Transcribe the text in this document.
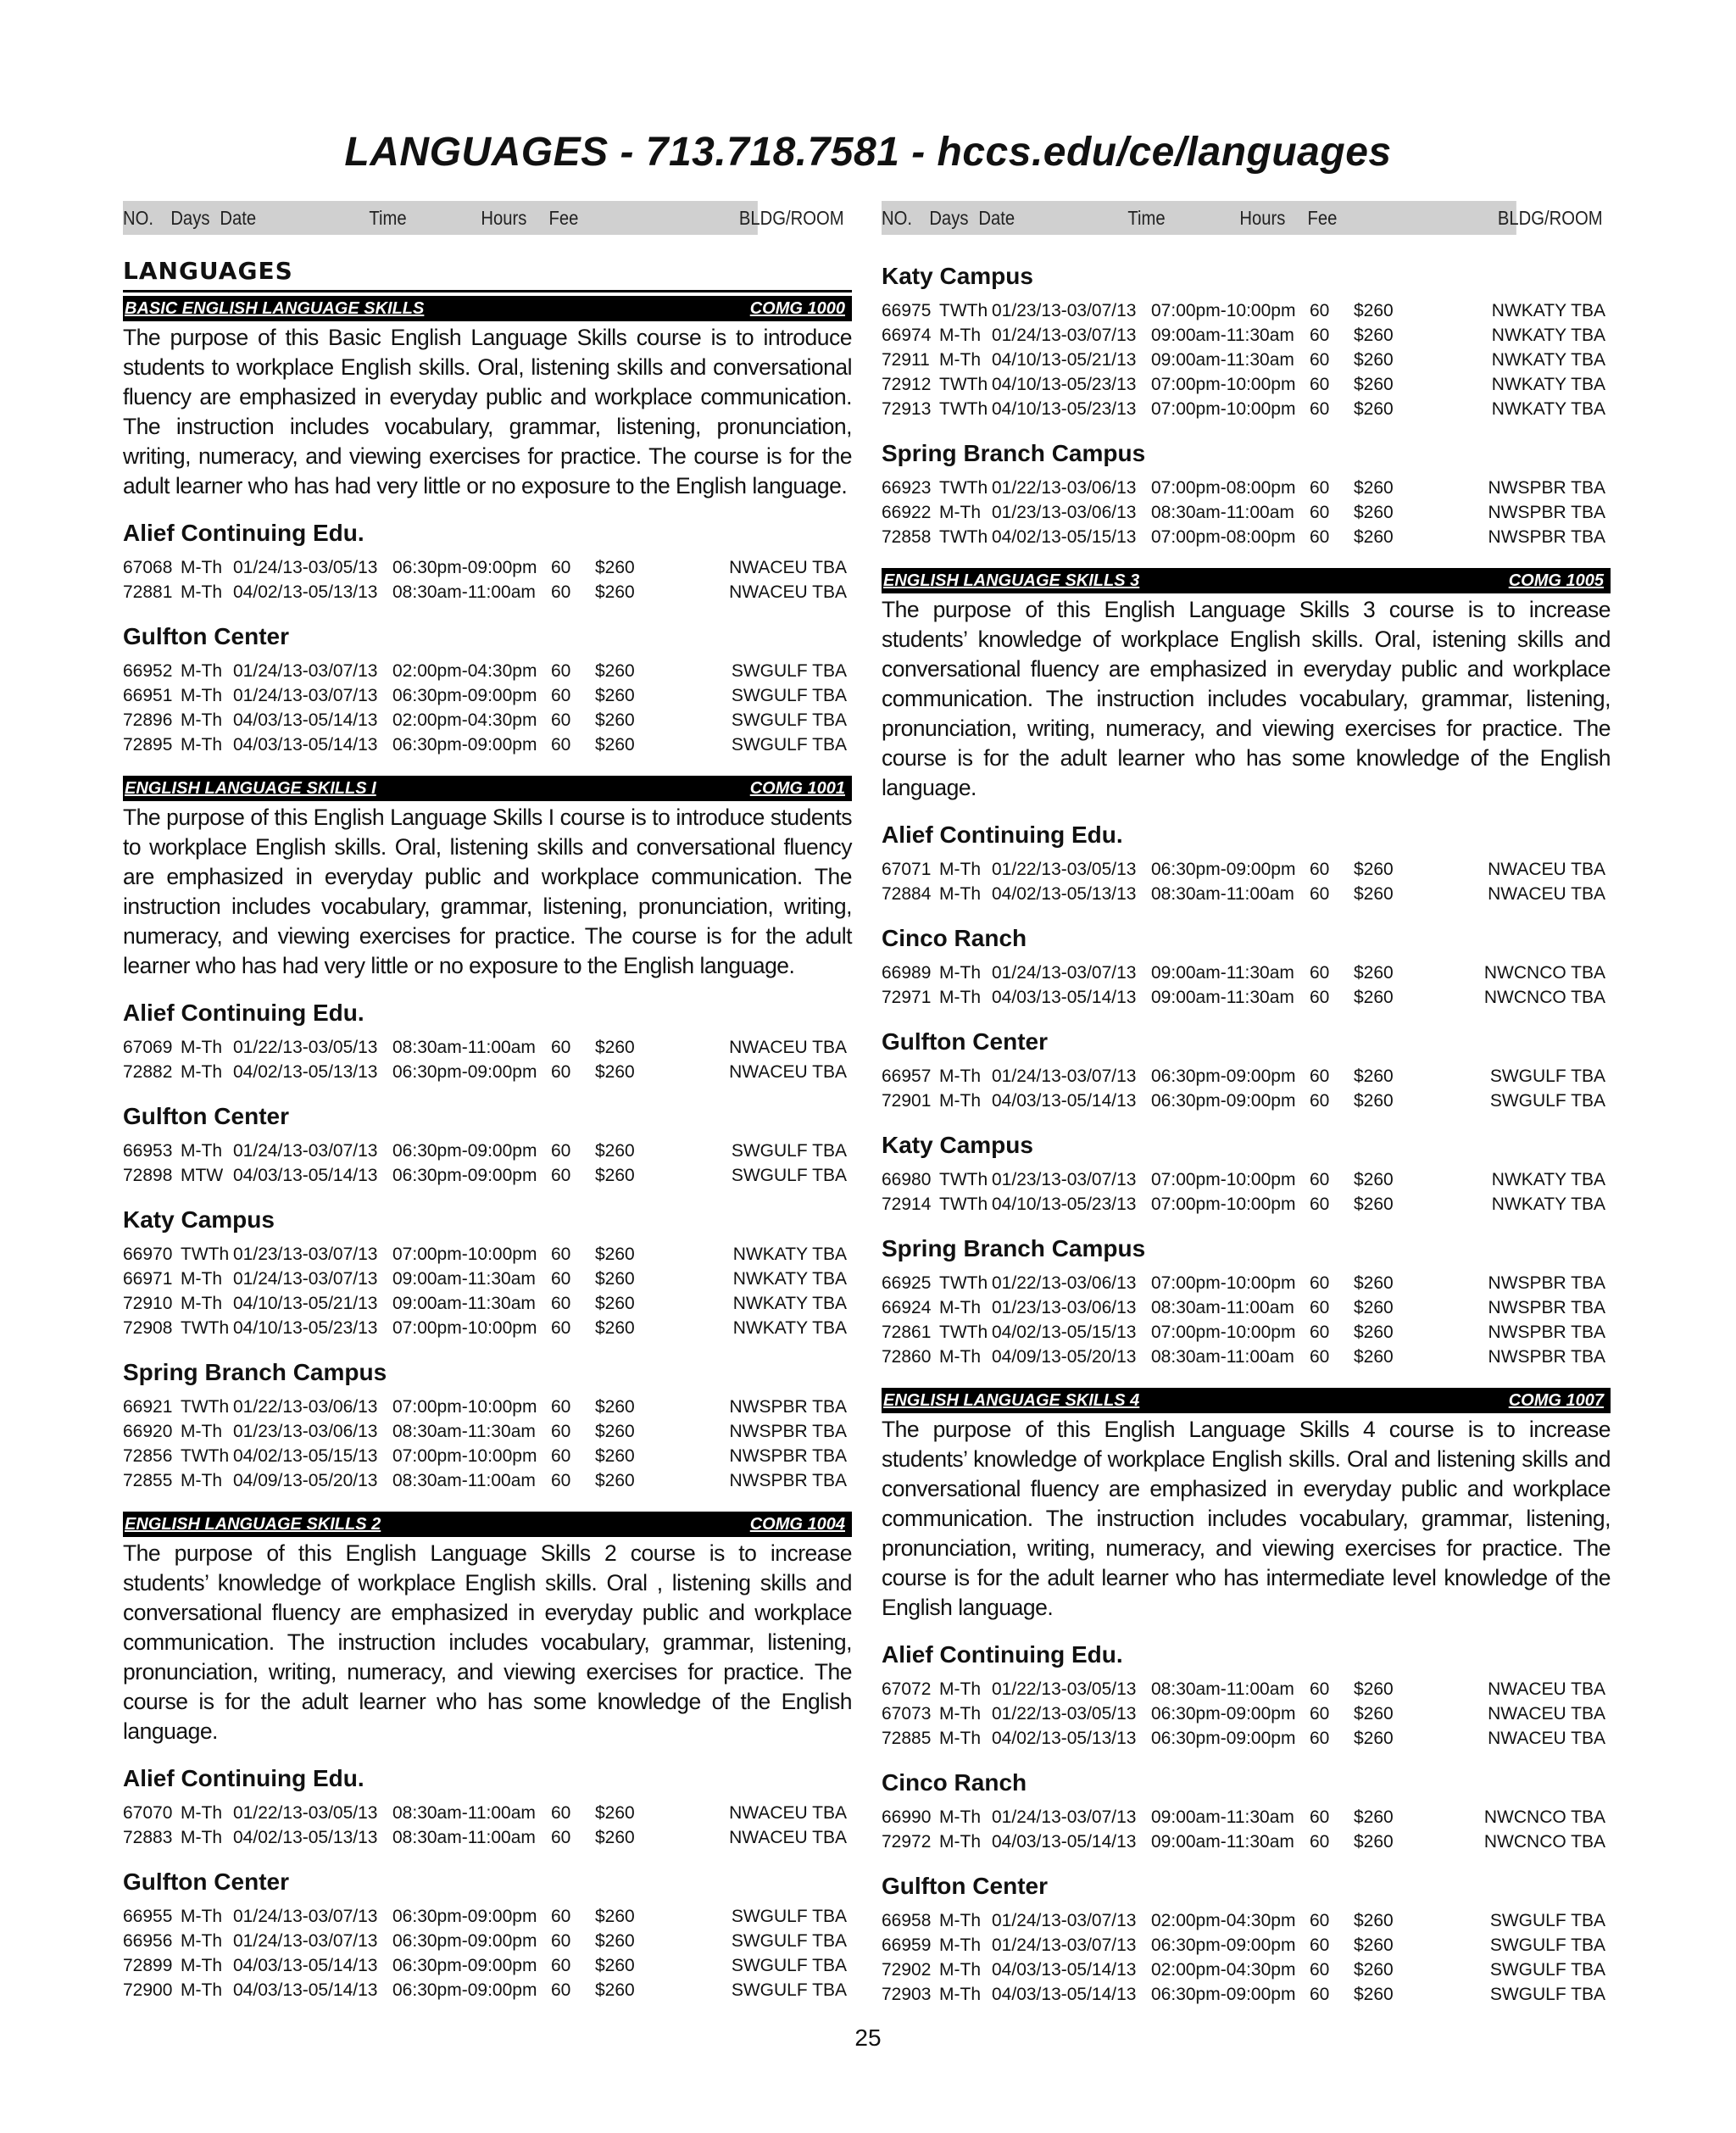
LANGUAGES - 713.718.7581 - hccs.edu/ce/languages
NO. Days Date	Time	Hours Fee	BLDG/ROOM NO. Days Date	Time	Hours Fee	BLDG/ROOM
LANGUAGES
BASIC ENGLISH LANGUAGE SKILLS	COMG 1000
The purpose of this Basic English Language Skills course is to introduce students to workplace English skills. Oral, listening skills and conversational fluency are emphasized in everyday public and workplace communication. The instruction includes vocabulary, grammar, listening, pronunciation, writing, numeracy, and viewing exercises for practice. The course is for the adult learner who has had very little or no exposure to the English language.
Alief Continuing Edu.
67068 M-Th 01/24/13-03/05/13 06:30pm-09:00pm 60 $260	NWACEU TBA
72881 M-Th 04/02/13-05/13/13 08:30am-11:00am 60 $260	NWACEU TBA
Gulfton Center
66952 M-Th 01/24/13-03/07/13 02:00pm-04:30pm 60 $260	SWGULF TBA
66951 M-Th 01/24/13-03/07/13 06:30pm-09:00pm 60 $260	SWGULF TBA
72896 M-Th 04/03/13-05/14/13 02:00pm-04:30pm 60 $260	SWGULF TBA
72895 M-Th 04/03/13-05/14/13 06:30pm-09:00pm 60 $260	SWGULF TBA
ENGLISH LANGUAGE SKILLS I	COMG 1001
The purpose of this English Language Skills I course is to introduce students to workplace English skills. Oral, listening skills and conversational fluency are emphasized in everyday public and workplace communication. The instruction includes vocabulary, grammar, listening, pronunciation, writing, numeracy, and viewing exercises for practice. The course is for the adult learner who has had very little or no exposure to the English language.
Alief Continuing Edu.
67069 M-Th 01/22/13-03/05/13 08:30am-11:00am 60 $260	NWACEU TBA
72882 M-Th 04/02/13-05/13/13 06:30pm-09:00pm 60 $260	NWACEU TBA
Gulfton Center
66953 M-Th 01/24/13-03/07/13 06:30pm-09:00pm 60 $260	SWGULF TBA
72898 MTW 04/03/13-05/14/13 06:30pm-09:00pm 60 $260	SWGULF TBA
Katy Campus
66970 TWTh 01/23/13-03/07/13 07:00pm-10:00pm 60 $260	NWKATY TBA
66971 M-Th 01/24/13-03/07/13 09:00am-11:30am 60 $260	NWKATY TBA
72910 M-Th 04/10/13-05/21/13 09:00am-11:30am 60 $260	NWKATY TBA
72908 TWTh 04/10/13-05/23/13 07:00pm-10:00pm 60 $260	NWKATY TBA
Spring Branch Campus
66921 TWTh 01/22/13-03/06/13 07:00pm-10:00pm 60 $260	NWSPBR TBA
66920 M-Th 01/23/13-03/06/13 08:30am-11:30am 60 $260	NWSPBR TBA
72856 TWTh 04/02/13-05/15/13 07:00pm-10:00pm 60 $260	NWSPBR TBA
72855 M-Th 04/09/13-05/20/13 08:30am-11:00am 60 $260	NWSPBR TBA
ENGLISH LANGUAGE SKILLS 2	COMG 1004
The purpose of this English Language Skills 2 course is to increase students’ knowledge of workplace English skills. Oral , listening skills and conversational fluency are emphasized in everyday public and workplace communication. The instruction includes vocabulary, grammar, listening, pronunciation, writing, numeracy, and viewing exercises for practice. The course is for the adult learner who has some knowledge of the English language.
Alief Continuing Edu.
67070 M-Th 01/22/13-03/05/13 08:30am-11:00am 60 $260	NWACEU TBA
72883 M-Th 04/02/13-05/13/13 08:30am-11:00am 60 $260	NWACEU TBA
Gulfton Center
66955 M-Th 01/24/13-03/07/13 06:30pm-09:00pm 60 $260	SWGULF TBA
66956 M-Th 01/24/13-03/07/13 06:30pm-09:00pm 60 $260	SWGULF TBA
72899 M-Th 04/03/13-05/14/13 06:30pm-09:00pm 60 $260	SWGULF TBA
72900 M-Th 04/03/13-05/14/13 06:30pm-09:00pm 60 $260	SWGULF TBA
Katy Campus
66975 TWTh 01/23/13-03/07/13 07:00pm-10:00pm 60 $260	NWKATY TBA
66974 M-Th 01/24/13-03/07/13 09:00am-11:30am 60 $260	NWKATY TBA
72911 M-Th 04/10/13-05/21/13 09:00am-11:30am 60 $260	NWKATY TBA
72912 TWTh 04/10/13-05/23/13 07:00pm-10:00pm 60 $260	NWKATY TBA
72913 TWTh 04/10/13-05/23/13 07:00pm-10:00pm 60 $260	NWKATY TBA
Spring Branch Campus
66923 TWTh 01/22/13-03/06/13 07:00pm-08:00pm 60 $260	NWSPBR TBA
66922 M-Th 01/23/13-03/06/13 08:30am-11:00am 60 $260	NWSPBR TBA
72858 TWTh 04/02/13-05/15/13 07:00pm-08:00pm 60 $260	NWSPBR TBA
ENGLISH LANGUAGE SKILLS 3	COMG 1005
The purpose of this English Language Skills 3 course is to increase students’ knowledge of workplace English skills. Oral, istening skills and conversational fluency are emphasized in everyday public and workplace communication. The instruction includes vocabulary, grammar, listening, pronunciation, writing, numeracy, and viewing exercises for practice. The course is for the adult learner who has some knowledge of the English language.
Alief Continuing Edu.
67071 M-Th 01/22/13-03/05/13 06:30pm-09:00pm 60 $260	NWACEU TBA
72884 M-Th 04/02/13-05/13/13 08:30am-11:00am 60 $260	NWACEU TBA
Cinco Ranch
66989 M-Th 01/24/13-03/07/13 09:00am-11:30am 60 $260	NWCNCO TBA
72971 M-Th 04/03/13-05/14/13 09:00am-11:30am 60 $260	NWCNCO TBA
Gulfton Center
66957 M-Th 01/24/13-03/07/13 06:30pm-09:00pm 60 $260	SWGULF TBA
72901 M-Th 04/03/13-05/14/13 06:30pm-09:00pm 60 $260	SWGULF TBA
Katy Campus
66980 TWTh 01/23/13-03/07/13 07:00pm-10:00pm 60 $260	NWKATY TBA
72914 TWTh 04/10/13-05/23/13 07:00pm-10:00pm 60 $260	NWKATY TBA
Spring Branch Campus
66925 TWTh 01/22/13-03/06/13 07:00pm-10:00pm 60 $260	NWSPBR TBA
66924 M-Th 01/23/13-03/06/13 08:30am-11:00am 60 $260	NWSPBR TBA
72861 TWTh 04/02/13-05/15/13 07:00pm-10:00pm 60 $260	NWSPBR TBA
72860 M-Th 04/09/13-05/20/13 08:30am-11:00am 60 $260	NWSPBR TBA
ENGLISH LANGUAGE SKILLS 4	COMG 1007
The purpose of this English Language Skills 4 course is to increase students’ knowledge of workplace English skills. Oral and listening skills and conversational fluency are emphasized in everyday public and workplace communication. The instruction includes vocabulary, grammar, listening, pronunciation, writing, numeracy, and viewing exercises for practice. The course is for the adult learner who has intermediate level knowledge of the English language.
Alief Continuing Edu.
67072 M-Th 01/22/13-03/05/13 08:30am-11:00am 60 $260	NWACEU TBA
67073 M-Th 01/22/13-03/05/13 06:30pm-09:00pm 60 $260	NWACEU TBA
72885 M-Th 04/02/13-05/13/13 06:30pm-09:00pm 60 $260	NWACEU TBA
Cinco Ranch
66990 M-Th 01/24/13-03/07/13 09:00am-11:30am 60 $260	NWCNCO TBA
72972 M-Th 04/03/13-05/14/13 09:00am-11:30am 60 $260	NWCNCO TBA
Gulfton Center
66958 M-Th 01/24/13-03/07/13 02:00pm-04:30pm 60 $260	SWGULF TBA
66959 M-Th 01/24/13-03/07/13 06:30pm-09:00pm 60 $260	SWGULF TBA
72902 M-Th 04/03/13-05/14/13 02:00pm-04:30pm 60 $260	SWGULF TBA
72903 M-Th 04/03/13-05/14/13 06:30pm-09:00pm 60 $260	SWGULF TBA
25
